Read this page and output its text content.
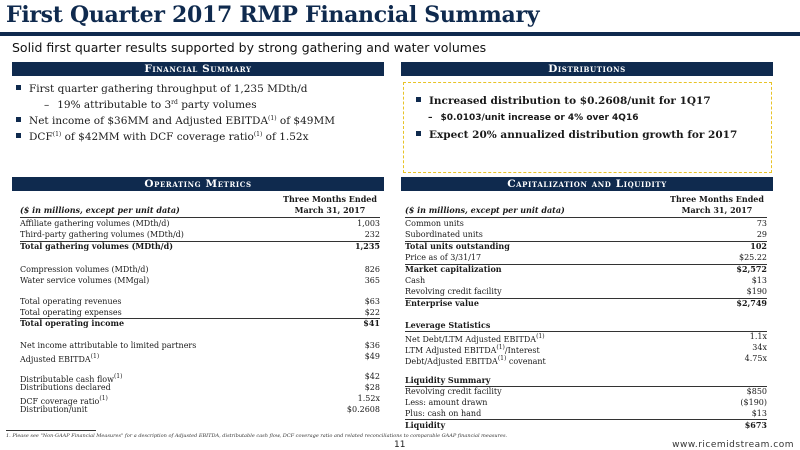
First Quarter 2017 RMP Financial Summary
Solid first quarter results supported by strong gathering and water volumes
Financial Summary
First quarter gathering throughput of 1,235 MDth/d
– 19% attributable to 3rd party volumes
Net income of $36MM and Adjusted EBITDA$^{(1)}$ of $49MM
DCF$^{(1)}$ of $42MM with DCF coverage ratio$^{(1)}$ of 1.52x
Distributions
Increased distribution to $0.2608/unit for 1Q17
– $0.0103/unit increase or 4% over 4Q16
Expect 20% annualized distribution growth for 2017
Operating Metrics
Three Months Ended
($ in millions, except per unit data)	March 31, 2017
Affiliate gathering volumes (MDth/d)	1,003
Third-party gathering volumes (MDth/d)	232
Total gathering volumes (MDth/d)	1,235
Compression volumes (MDth/d)	826
Water service volumes (MMgal)	365
Total operating revenues	$63
Total operating expenses	$22
Total operating income	$41
Net income attributable to limited partners	$36
Adjusted EBITDA$^{(1)}$	$49
Distributable cash flow$^{(1)}$	$42
Distributions declared	$28
DCF coverage ratio$^{(1)}$	1.52x
Distribution/unit	$0.2608
Capitalization and Liquidity
Three Months Ended
($ in millions, except per unit data)	March 31, 2017
Common units	73
Subordinated units	29
Total units outstanding	102
Price as of 3/31/17	$25.22
Market capitalization	$2,572
Cash	$13
Revolving credit facility	$190
Enterprise value	$2,749
Leverage Statistics
Net Debt/LTM Adjusted EBITDA$^{(1)}$	1.1x
LTM Adjusted EBITDA$^{(1)}$/Interest	34x
Debt/Adjusted EBITDA$^{(1)}$ covenant	4.75x
Liquidity Summary
Revolving credit facility	$850
Less: amount drawn	($190)
Plus: cash on hand	$13
Liquidity	$673
1. Please see "Non-GAAP Financial Measures" for a description of Adjusted EBITDA, distributable cash flow, DCF coverage ratio and related reconciliations to comparable GAAP financial measures.
11	www.ricemidstream.com
